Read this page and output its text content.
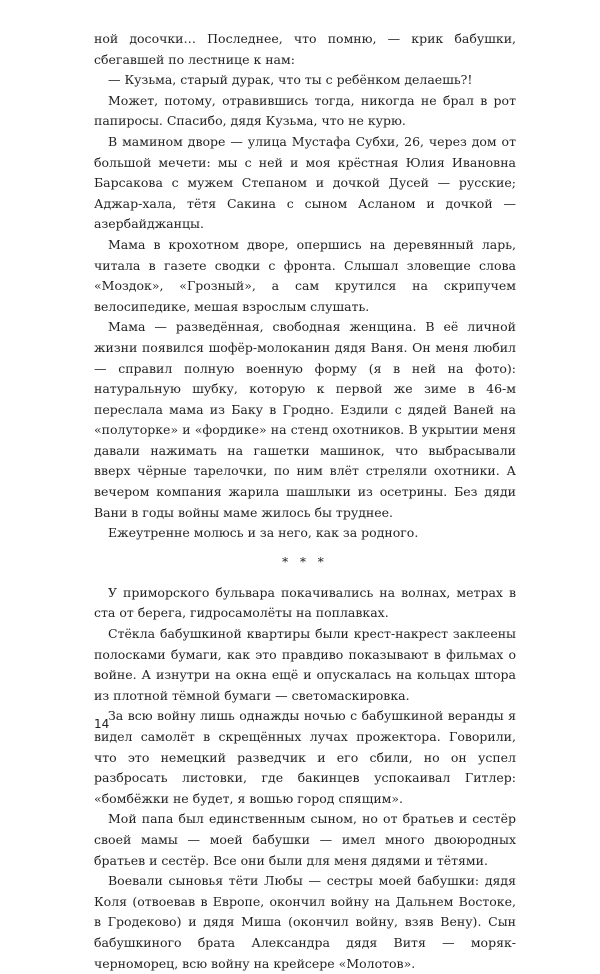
ной досочки… Последнее, что помню, — крик бабушки, сбегавшей по лестнице к нам:

— Кузьма, старый дурак, что ты с ребёнком делаешь?!

Может, потому, отравившись тогда, никогда не брал в рот папиросы. Спасибо, дядя Кузьма, что не курю.

В мамином дворе — улица Мустафа Субхи, 26, через дом от большой мечети: мы с ней и моя крёстная Юлия Ивановна Барсакова с мужем Степаном и дочкой Дусей — русские; Аджар-хала, тётя Сакина с сыном Асланом и дочкой — азербайджанцы.

Мама в крохотном дворе, опершись на деревянный ларь, читала в газете сводки с фронта. Слышал зловещие слова «Моздок», «Грозный», а сам крутился на скрипучем велосипедике, мешая взрослым слушать.

Мама — разведённая, свободная женщина. В её личной жизни появился шофёр-молоканин дядя Ваня. Он меня любил — справил полную военную форму (я в ней на фото): натуральную шубку, которую к первой же зиме в 46-м переслала мама из Баку в Гродно. Ездили с дядей Ваней на «полуторке» и «фордике» на стенд охотников. В укрытии меня давали нажимать на гашетки машинок, что выбрасывали вверх чёрные тарелочки, по ним влёт стреляли охотники. А вечером компания жарила шашлыки из осетрины. Без дяди Вани в годы войны маме жилось бы труднее.

Ежеутренне молюсь и за него, как за родного.

* * *

У приморского бульвара покачивались на волнах, метрах в ста от берега, гидросамолёты на поплавках.

Стёкла бабушкиной квартиры были крест-накрест заклеены полосками бумаги, как это правдиво показывают в фильмах о войне. А изнутри на окна ещё и опускалась на кольцах штора из плотной тёмной бумаги — светомаскировка.

За всю войну лишь однажды ночью с бабушкиной веранды я видел самолёт в скрещённых лучах прожектора. Говорили, что это немецкий разведчик и его сбили, но он успел разбросать листовки, где бакинцев успокаивал Гитлер: «бомбёжки не будет, я вошью город спящим».

Мой папа был единственным сыном, но от братьев и сестёр своей мамы — моей бабушки — имел много двоюродных братьев и сестёр. Все они были для меня дядями и тётями.

Воевали сыновья тёти Любы — сестры моей бабушки: дядя Коля (отвоевав в Европе, окончил войну на Дальнем Востоке, в Гродеково) и дядя Миша (окончил войну, взяв Вену). Сын бабушкиного брата Александра дядя Витя — моряк-черноморец, всю войну на крейсере «Молотов».

14
